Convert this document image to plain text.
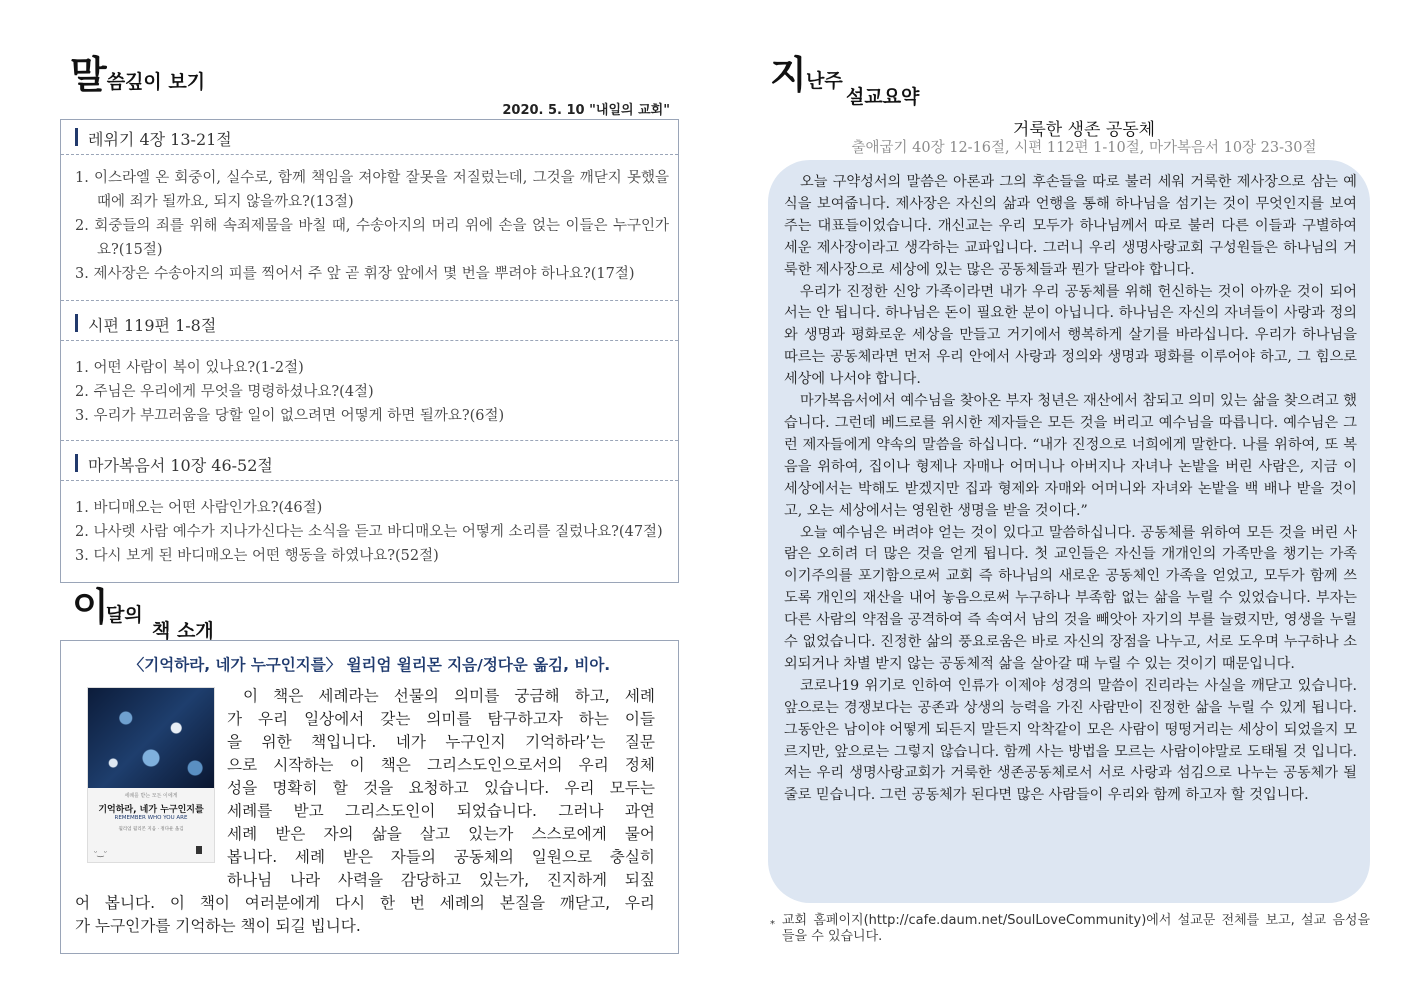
말씀깊이 보기
2020. 5. 10 "내일의 교회"
레위기 4장 13-21절
1. 이스라엘 온 회중이, 실수로, 함께 책임을 져야할 잘못을 저질렀는데, 그것을 깨닫지 못했을 때에 죄가 될까요, 되지 않을까요?(13절)
2. 회중들의 죄를 위해 속죄제물을 바칠 때, 수송아지의 머리 위에 손을 얹는 이들은 누구인가요?(15절)
3. 제사장은 수송아지의 피를 찍어서 주 앞 곧 휘장 앞에서 몇 번을 뿌려야 하나요?(17절)
시편 119편 1-8절
1. 어떤 사람이 복이 있나요?(1-2절)
2. 주님은 우리에게 무엇을 명령하셨나요?(4절)
3. 우리가 부끄러움을 당할 일이 없으려면 어떻게 하면 될까요?(6절)
마가복음서 10장 46-52절
1. 바디매오는 어떤 사람인가요?(46절)
2. 나사렛 사람 예수가 지나가신다는 소식을 듣고 바디매오는 어떻게 소리를 질렀나요?(47절)
3. 다시 보게 된 바디매오는 어떤 행동을 하였나요?(52절)
이
달의
책 소개
〈기억하라, 네가 누구인지를〉 윌리엄 윌리몬 지음/정다운 옮김, 비아.
세례를 받는 모든 이에게
기억하라, 네가 누구인지를
REMEMBER WHO YOU ARE
윌리엄 윌리몬 지음 · 정다운 옮김
ᵕ‿ᵕ
이 책은 세례라는 선물의 의미를 궁금해 하고, 세례
가 우리 일상에서 갖는 의미를 탐구하고자 하는 이들
을 위한 책입니다. 네가 누구인지 기억하라’는 질문
으로 시작하는 이 책은 그리스도인으로서의 우리 정체
성을 명확히 할 것을 요청하고 있습니다. 우리 모두는
세례를 받고 그리스도인이 되었습니다. 그러나 과연
세례 받은 자의 삶을 살고 있는가 스스로에게 물어
봅니다. 세례 받은 자들의 공동체의 일원으로 충실히
하나님 나라 사력을 감당하고 있는가, 진지하게 되짚
어 봅니다. 이 책이 여러분에게 다시 한 번 세례의 본질을 깨닫고, 우리
가 누구인가를 기억하는 책이 되길 빕니다.
지 난주
설교요약
거룩한 생존 공동체
출애굽기 40장 12-16절, 시편 112편 1-10절, 마가복음서 10장 23-30절

오늘 구약성서의 말씀은 아론과 그의 후손들을 따로 불러 세워 거룩한 제사장으로 삼는 예식을 보여줍니다. 제사장은 자신의 삶과 언행을 통해 하나님을 섬기는 것이 무엇인지를 보여주는 대표들이었습니다. 개신교는 우리 모두가 하나님께서 따로 불러 다른 이들과 구별하여 세운 제사장이라고 생각하는 교파입니다. 그러니 우리 생명사랑교회 구성원들은 하나님의 거룩한 제사장으로 세상에 있는 많은 공동체들과 뭔가 달라야 합니다.

우리가 진정한 신앙 가족이라면 내가 우리 공동체를 위해 헌신하는 것이 아까운 것이 되어서는 안 됩니다. 하나님은 돈이 필요한 분이 아닙니다. 하나님은 자신의 자녀들이 사랑과 정의와 생명과 평화로운 세상을 만들고 거기에서 행복하게 살기를 바라십니다. 우리가 하나님을 따르는 공동체라면 먼저 우리 안에서 사랑과 정의와 생명과 평화를 이루어야 하고, 그 힘으로 세상에 나서야 합니다.

마가복음서에서 예수님을 찾아온 부자 청년은 재산에서 참되고 의미 있는 삶을 찾으려고 했습니다. 그런데 베드로를 위시한 제자들은 모든 것을 버리고 예수님을 따릅니다. 예수님은 그런 제자들에게 약속의 말씀을 하십니다. “내가 진정으로 너희에게 말한다. 나를 위하여, 또 복음을 위하여, 집이나 형제나 자매나 어머니나 아버지나 자녀나 논밭을 버린 사람은, 지금 이 세상에서는 박해도 받겠지만 집과 형제와 자매와 어머니와 자녀와 논밭을 백 배나 받을 것이고, 오는 세상에서는 영원한 생명을 받을 것이다.”

오늘 예수님은 버려야 얻는 것이 있다고 말씀하십니다. 공동체를 위하여 모든 것을 버린 사람은 오히려 더 많은 것을 얻게 됩니다. 첫 교인들은 자신들 개개인의 가족만을 챙기는 가족 이기주의를 포기함으로써 교회 즉 하나님의 새로운 공동체인 가족을 얻었고, 모두가 함께 쓰도록 개인의 재산을 내어 놓음으로써 누구하나 부족함 없는 삶을 누릴 수 있었습니다. 부자는 다른 사람의 약점을 공격하여 즉 속여서 남의 것을 빼앗아 자기의 부를 늘렸지만, 영생을 누릴 수 없었습니다. 진정한 삶의 풍요로움은 바로 자신의 장점을 나누고, 서로 도우며 누구하나 소외되거나 차별 받지 않는 공동체적 삶을 살아갈 때 누릴 수 있는 것이기 때문입니다.

코로나19 위기로 인하여 인류가 이제야 성경의 말씀이 진리라는 사실을 깨닫고 있습니다. 앞으로는 경쟁보다는 공존과 상생의 능력을 가진 사람만이 진정한 삶을 누릴 수 있게 됩니다. 그동안은 남이야 어떻게 되든지 말든지 악착같이 모은 사람이 떵떵거리는 세상이 되었을지 모르지만, 앞으로는 그렇지 않습니다. 함께 사는 방법을 모르는 사람이야말로 도태될 것 입니다.저는 우리 생명사랑교회가 거룩한 생존공동체로서 서로 사랑과 섬김으로 나누는 공동체가 될 줄로 믿습니다. 그런 공동체가 된다면 많은 사람들이 우리와 함께 하고자 할 것입니다.

* 교회 홈페이지(http://cafe.daum.net/SoulLoveCommunity)에서 설교문 전체를 보고, 설교 음성을 들을 수 있습니다.
